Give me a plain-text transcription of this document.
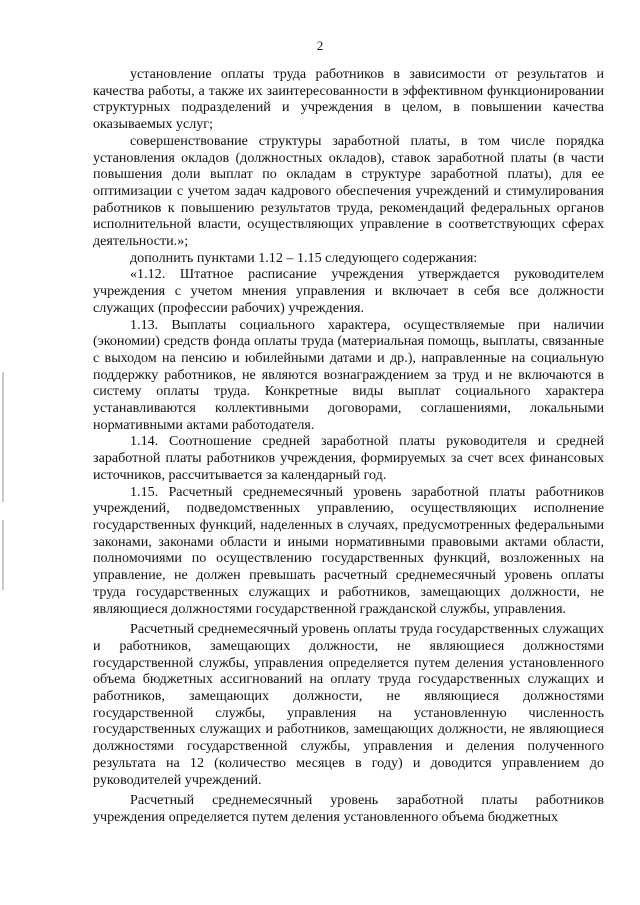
2

установление оплаты труда работников в зависимости от результатов и качества работы, а также их заинтересованности в эффективном функционировании структурных подразделений и учреждения в целом, в повышении качества оказываемых услуг;

совершенствование структуры заработной платы, в том числе порядка установления окладов (должностных окладов), ставок заработной платы (в части повышения доли выплат по окладам в структуре заработной платы), для ее оптимизации с учетом задач кадрового обеспечения учреждений и стимулирования работников к повышению результатов труда, рекомендаций федеральных органов исполнительной власти, осуществляющих управление в соответствующих сферах деятельности.»;

дополнить пунктами 1.12 – 1.15 следующего содержания:

«1.12. Штатное расписание учреждения утверждается руководителем учреждения с учетом мнения управления и включает в себя все должности служащих (профессии рабочих) учреждения.

1.13. Выплаты социального характера, осуществляемые при наличии (экономии) средств фонда оплаты труда (материальная помощь, выплаты, связанные с выходом на пенсию и юбилейными датами и др.), направленные на социальную поддержку работников, не являются вознаграждением за труд и не включаются в систему оплаты труда. Конкретные виды выплат социального характера устанавливаются коллективными договорами, соглашениями, локальными нормативными актами работодателя.

1.14. Соотношение средней заработной платы руководителя и средней заработной платы работников учреждения, формируемых за счет всех финансовых источников, рассчитывается за календарный год.

1.15. Расчетный среднемесячный уровень заработной платы работников учреждений, подведомственных управлению, осуществляющих исполнение государственных функций, наделенных в случаях, предусмотренных федеральными законами, законами области и иными нормативными правовыми актами области, полномочиями по осуществлению государственных функций, возложенных на управление, не должен превышать расчетный среднемесячный уровень оплаты труда государственных служащих и работников, замещающих должности, не являющиеся должностями государственной гражданской службы, управления.

Расчетный среднемесячный уровень оплаты труда государственных служащих и работников, замещающих должности, не являющиеся должностями государственной службы, управления определяется путем деления установленного объема бюджетных ассигнований на оплату труда государственных служащих и работников, замещающих должности, не являющиеся должностями государственной службы, управления на установленную численность государственных служащих и работников, замещающих должности, не являющиеся должностями государственной службы, управления и деления полученного результата на 12 (количество месяцев в году) и доводится управлением до руководителей учреждений.

Расчетный среднемесячный уровень заработной платы работников учреждения определяется путем деления установленного объема бюджетных
